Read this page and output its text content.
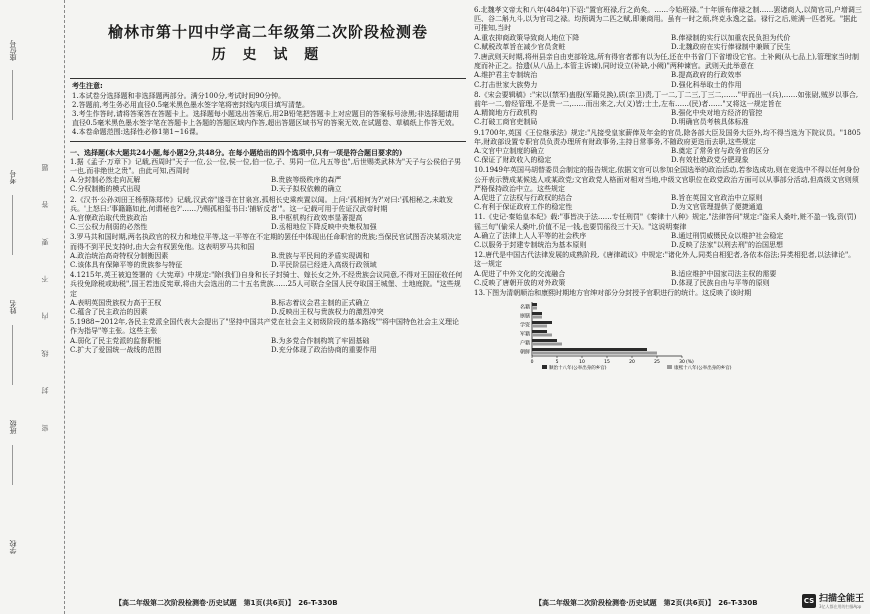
座位号
考号
姓名
班级
学校
密 封 线 内 不 要 答 题
榆林市第十四中学高二年级第二次阶段检测卷
历 史 试 题
考生注意:

1.本试卷分选择题和非选择题两部分。满分100分,考试时间90分钟。

2.答题前,考生务必用直径0.5毫米黑色墨水签字笔将密封线内项目填写清楚。

3.考生作答时,请将答案答在答题卡上。选择题每小题选出答案后,用2B铅笔把答题卡上对应题目的答案标号涂黑;非选择题请用直径0.5毫米黑色墨水签字笔在答题卡上各题的答题区域内作答,超出答题区域书写的答案无效,在试题卷、草稿纸上作答无效。

4.本卷命题范围:选择性必修1第1~16课。

一、选择题(本大题共24小题,每小题2分,共48分。在每小题给出的四个选项中,只有一项是符合题目要求的)

1.据《孟子·万章下》记载,西周时"天子一位,公一位,侯一位,伯一位,子、男同一位,凡五等也",后世赐类武林为"天子与公侯伯子男一也,而非绝世之贵"。由此可知,西周时

A.分封制必然走向瓦解	B.贵族等级秩序的森严
C.分权制衡的模式出现	D.天子拟权依赖的确立

2.《汉书·公孙刘田王杨蔡陈郑传》记载,汉武帝"遂寻在甘泉宫,孤相长史乘疾置以闻。上问:'孤相何为?'对曰:'孤相秘之,未敢发兵。'上怒曰:'事籍籍如此,何谓秘也?'……乃赐孤相玺书曰:'捕斩反者'"。这一记载可用于佐证汉武帝时期

A.官僚政治取代贵族政治	B.中枢机构行政效率显著提高
C.三公权力削弱的必然性	D.丞相地位下降反映中央集权加强

3.罗马共和国时期,两名执政官的权力和地位平等,这一平等在不定期的罢任中体现出任命职官的贵族;当保民官试图否决某项决定而得不到平民支持时,由大会有权罢免他。这表明罗马共和国

A.政治统治高奇特权分制衡因素	B.贵族与平民间的矛盾实现调和
C.该体具有保障平等的贵族参与特征	D.平民阶层已经进入高级行政领域

4.1215年,英王被迫签署的《大宪章》中规定:"除(我们)自身和长子封骑士、嫁长女之外,不经贵族会议同意,不得对王国征收任何兵役免除税或助税",国王若违反宪章,将由大会选出的二十五名贵族……25人可联合全国人民夺取国王城堡、土地庭院。"这些规定

A.表明英国贵族权力高于王权	B.标志着议会君主制的正式确立
C.蕴含了民主政治的因素	D.反映出王权与贵族权力的激烈冲突

5.1988~2012年,各民主党派全国代表大会提出了"坚持中国共产党在社会主义初级阶段的基本路线""将中国特色社会主义理论作为指导"等主张。这些主张

A.弱化了民主党派的监督职能	B.为多党合作制构筑了牢固基础
C.扩大了爱国统一战线的范围	D.充分体现了政治协商的重要作用
【高二年级第二次阶段检测卷·历史试题　第1页(共6页)】　26-T-330B

6.北魏孝文帝太和八年(484年)下诏:"置官班禄,行之尚矣。……今始班禄。”十年颁布俸禄之制……罢诸商人,以简官司,户增调三匹、谷二斛九斗,以为官司之禄。均预调为二匹之赋,即兼商用。虽有一时之烦,终克永逸之益。禄行之后,赃满一匹者死。"据此可推知,当时

A.重农抑商政策导致商人地位下降	B.俸禄制的实行以加重农民负担为代价
C.赋税改革旨在减少官员贪赃	D.北魏政府在实行俸禄制中兼顾了民生

7.唐武则天时期,将州县亲自由吏部铨选,所有得官者都有以为任,还在中书省门下省增设它官。土补阙(从七品上),管理家当时制度而补正之。拾遗(从八品上,本管主诉谏),同时设立(补缺,小阙)"两种谏官。武则天此举意在

A.维护君主专制统治	B.提高政府的行政效率
C.打击世家大族势力	D.强化科举取士的作用

8.《宋会要辑稿》:"宋以(禁军)蛊殷(军籍兑换),质(亲卫)责,丁一二,丁二三,丁三二,……"甲而出一(兵),……如张尉,贼岁以事合,前年一二,曾经管理,不是贵一二,……而出来之,大(义)皆;士土,左布……(民)者……"又将这一规定旨在

A.精简地方行政机构	B.强化中央对地方经济的管控
C.打破工商官吏制局	D.明确官员考核具体标准

9.1700年,英国《王位继承法》规定:"凡接受皇家薪俸及年金的官员,除各部大臣及国务大臣外,均不得当选为下院议员。"1805年,财政部设置专职官员负责办理所有财政事务,主持日常事务,不随政府更迭而去职,这些规定

A.文官中立制度的确立	B.奠定了常务官与政务官的区分
C.保证了财政收入的稳定	D.有效杜绝政党分肥现象

10.1949年英国马胡替委员会制定的报告规定,依据文官可以参加全国选举的政治活动,若参选成功,则在竞选中不得以任何身份公开表示赞成某候选人或某政党;文官政党人格面对相对当地,中级文官职位在政党政治方面可以从事部分活动,但高级文官则须严格保持政治中立。这些规定

A.促进了立法权与行政权的结合	B.旨在英国文官政治中立原则
C.有利于保证政府工作的稳定性	D.为文官管理提供了便捷通道

11.《史记·秦始皇本纪》载:"事皆决于法……专任刑罚"《秦律十八种》规定,"法律答问"规定:"盗采人桑叶,赃不盈一钱,资(罚)徭三旬"(偷采人桑叶,价值不足一钱,也要罚徭役三十天)。"这说明秦律

A.确立了法律上人人平等的社会秩序	B.通过刑罚威慑民众以维护社会稳定
C.以服务于封建专制统治为基本原则	D.反映了法家"以刑去刑"的治国思想

12.唐代是中国古代法律发展的成熟阶段,《唐律疏议》中规定:"诸化外人,同类自相犯者,各依本俗法;异类相犯者,以法律论"。这一规定

A.促进了中外文化的交流融合	B.适应维护中国家司法主权的需要
C.反映了唐朝开放的对外政策	D.体现了民族自由与平等的原则

13.下图为清朝顺治和康熙时期地方官绅对部分分封授予官职进行的统计。这反映了该时期

朝鲜
户籍
军籍
学资
廪膳
名籍
0	5	10	15	20	25	30 (%)
顺治十八年(公举出身的乡官)	康熙十八年(公举出身的乡官)
【高二年级第二次阶段检测卷·历史试题　第2页(共6页)】　26-T-330B	CS 扫描全能王
3亿人都在用的扫描App
